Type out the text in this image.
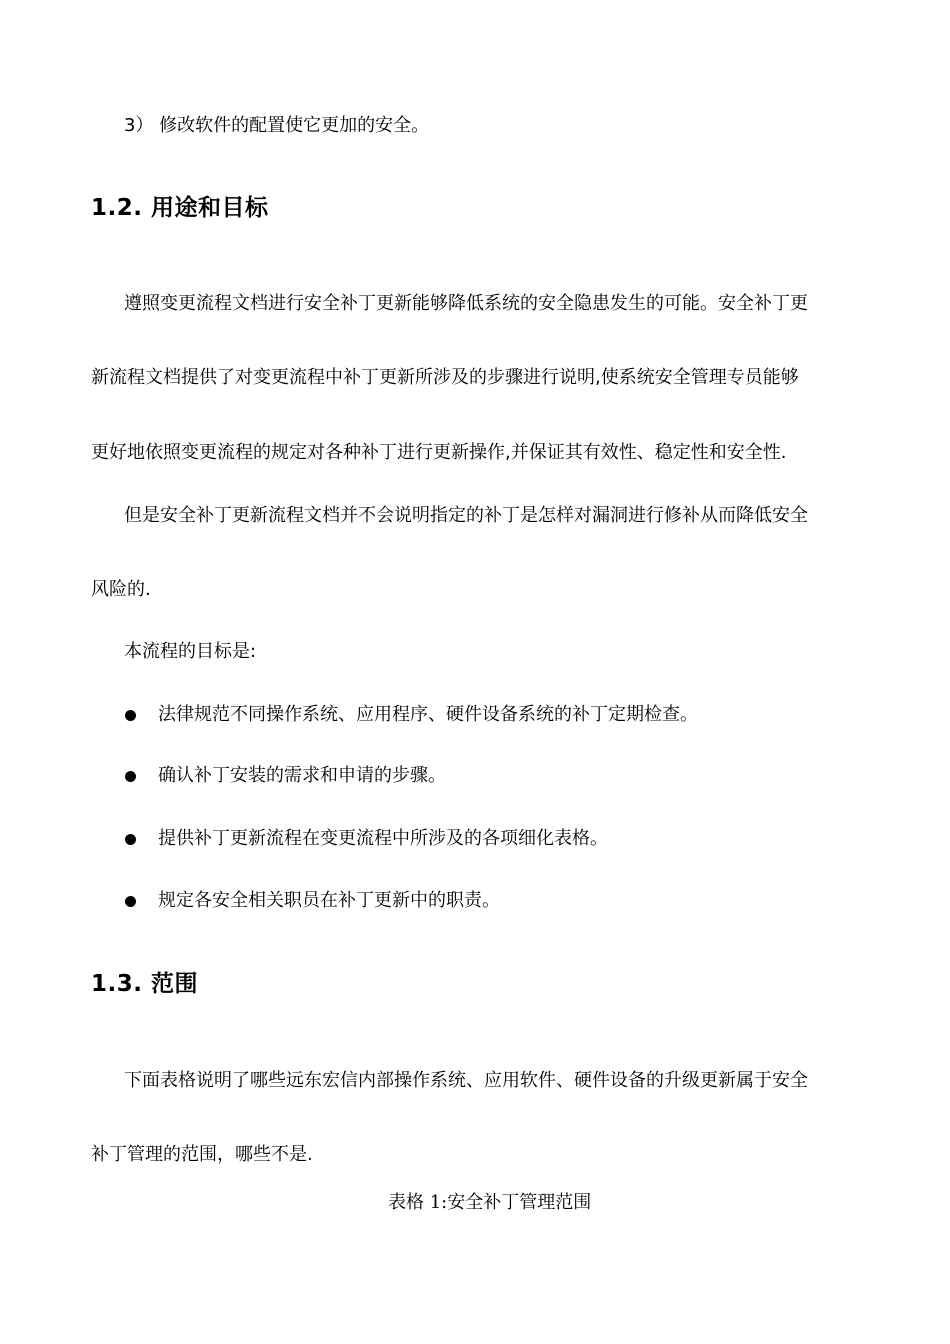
3） 修改软件的配置使它更加的安全。

1.2. 用途和目标

遵照变更流程文档进行安全补丁更新能够降低系统的安全隐患发生的可能。安全补丁更

新流程文档提供了对变更流程中补丁更新所涉及的步骤进行说明,使系统安全管理专员能够

更好地依照变更流程的规定对各种补丁进行更新操作,并保证其有效性、稳定性和安全性.

但是安全补丁更新流程文档并不会说明指定的补丁是怎样对漏洞进行修补从而降低安全

风险的.

本流程的目标是:

法律规范不同操作系统、应用程序、硬件设备系统的补丁定期检查。

确认补丁安装的需求和申请的步骤。

提供补丁更新流程在变更流程中所涉及的各项细化表格。

规定各安全相关职员在补丁更新中的职责。

1.3. 范围

下面表格说明了哪些远东宏信内部操作系统、应用软件、硬件设备的升级更新属于安全

补丁管理的范围，哪些不是.

表格 1:安全补丁管理范围
